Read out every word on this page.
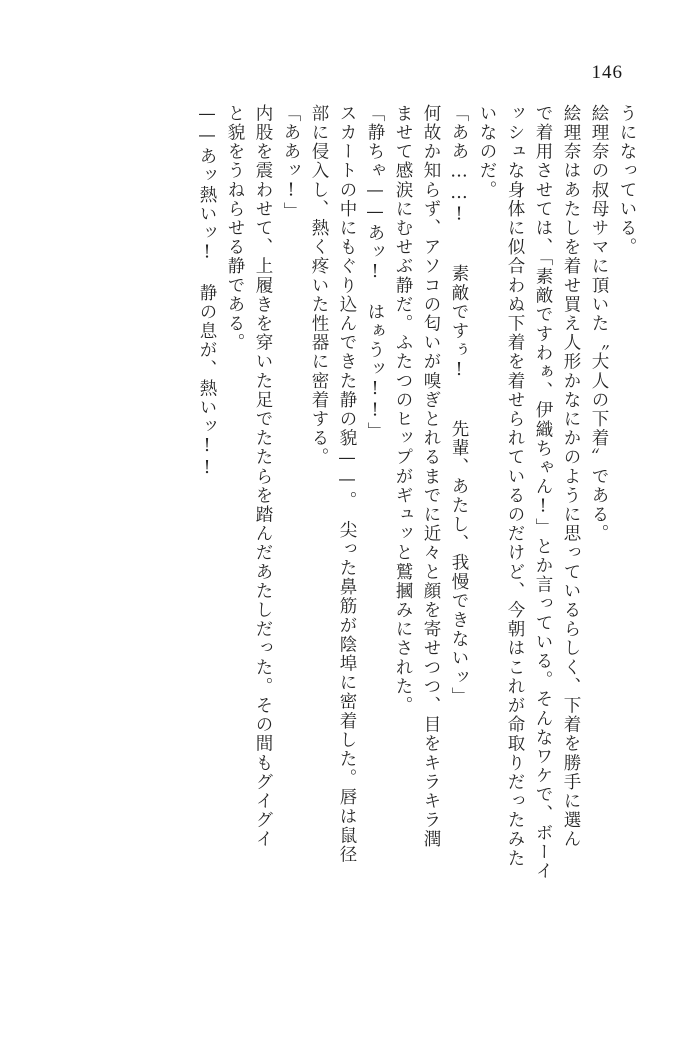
146
うになっている。
絵理奈の叔母サマに頂いた〝大人の下着〟である。
絵理奈はあたしを着せ買え人形かなにかのように思っているらしく、下着を勝手に選ん
で着用させては、「素敵ですわぁ、伊織ちゃん!」とか言っている。そんなワケで、ボーイ
ッシュな身体に似合わぬ下着を着せられているのだけど、今朝はこれが命取りだったみた
いなのだ。
「ああ……!　　素敵ですぅ!　　先輩、あたし、我慢できないッ」
何故か知らず、アソコの匂いが嗅ぎとれるまでに近々と顔を寄せつつ、目をキラキラ潤
ませて感涙にむせぶ静だ。ふたつのヒップがギュッと鷲摑みにされた。
「静ちゃ——あッ!　はぁうッ!!」
スカートの中にもぐり込んできた静の貌——。　尖った鼻筋が陰埠に密着した。唇は鼠径
部に侵入し、熱く疼いた性器に密着する。
「ああッ!」
内股を震わせて、上履きを穿いた足でたたらを踏んだあたしだった。その間もグイグイ
と貌をうねらせる静である。
——あッ熱いッ!　静の息が、熱いッ!!
